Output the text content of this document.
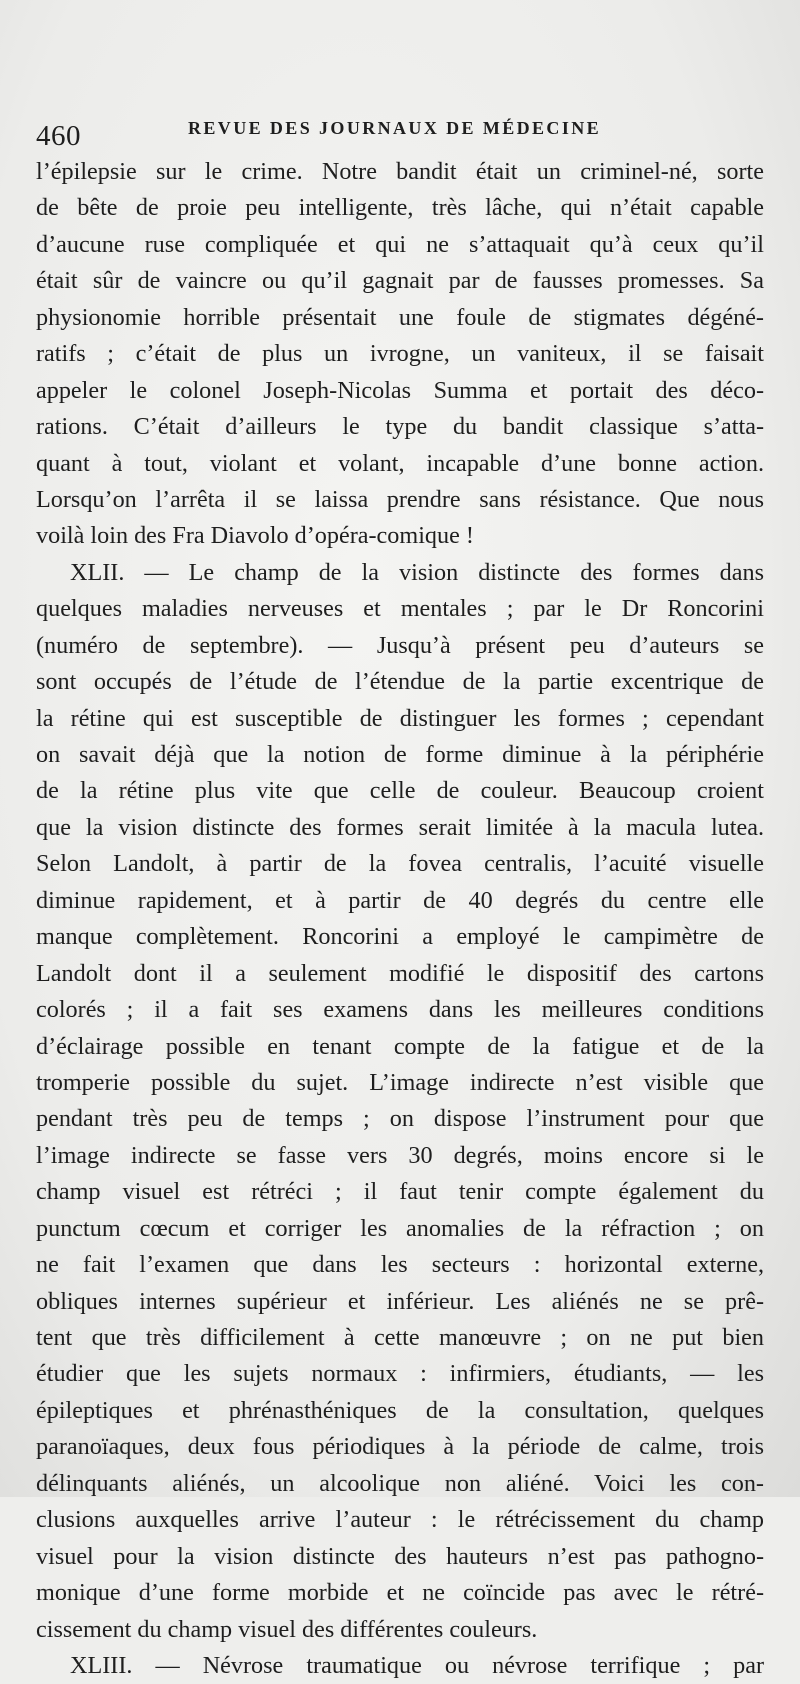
460	REVUE DES JOURNAUX DE MÉDECINE
l’épilepsie sur le crime. Notre bandit était un criminel-né, sorte
de bête de proie peu intelligente, très lâche, qui n’était capable
d’aucune ruse compliquée et qui ne s’attaquait qu’à ceux qu’il
était sûr de vaincre ou qu’il gagnait par de fausses promesses. Sa
physionomie horrible présentait une foule de stigmates dégéné-
ratifs ; c’était de plus un ivrogne, un vaniteux, il se faisait
appeler le colonel Joseph-Nicolas Summa et portait des déco-
rations. C’était d’ailleurs le type du bandit classique s’atta-
quant à tout, violant et volant, incapable d’une bonne action.
Lorsqu’on l’arrêta il se laissa prendre sans résistance. Que nous
voilà loin des Fra Diavolo d’opéra-comique !
XLII. — Le champ de la vision distincte des formes dans
quelques maladies nerveuses et mentales ; par le Dr Roncorini
(numéro de septembre). — Jusqu’à présent peu d’auteurs se
sont occupés de l’étude de l’étendue de la partie excentrique de
la rétine qui est susceptible de distinguer les formes ; cependant
on savait déjà que la notion de forme diminue à la périphérie
de la rétine plus vite que celle de couleur. Beaucoup croient
que la vision distincte des formes serait limitée à la macula lutea.
Selon Landolt, à partir de la fovea centralis, l’acuité visuelle
diminue rapidement, et à partir de 40 degrés du centre elle
manque complètement. Roncorini a employé le campimètre de
Landolt dont il a seulement modifié le dispositif des cartons
colorés ; il a fait ses examens dans les meilleures conditions
d’éclairage possible en tenant compte de la fatigue et de la
tromperie possible du sujet. L’image indirecte n’est visible que
pendant très peu de temps ; on dispose l’instrument pour que
l’image indirecte se fasse vers 30 degrés, moins encore si le
champ visuel est rétréci ; il faut tenir compte également du
punctum cœcum et corriger les anomalies de la réfraction ; on
ne fait l’examen que dans les secteurs : horizontal externe,
obliques internes supérieur et inférieur. Les aliénés ne se prê-
tent que très difficilement à cette manœuvre ; on ne put bien
étudier que les sujets normaux : infirmiers, étudiants, — les
épileptiques et phrénasthéniques de la consultation, quelques
paranoïaques, deux fous périodiques à la période de calme, trois
délinquants aliénés, un alcoolique non aliéné. Voici les con-
clusions auxquelles arrive l’auteur : le rétrécissement du champ
visuel pour la vision distincte des hauteurs n’est pas pathogno-
monique d’une forme morbide et ne coïncide pas avec le rétré-
cissement du champ visuel des différentes couleurs.
XLIII. — Névrose traumatique ou névrose terrifique ; par
